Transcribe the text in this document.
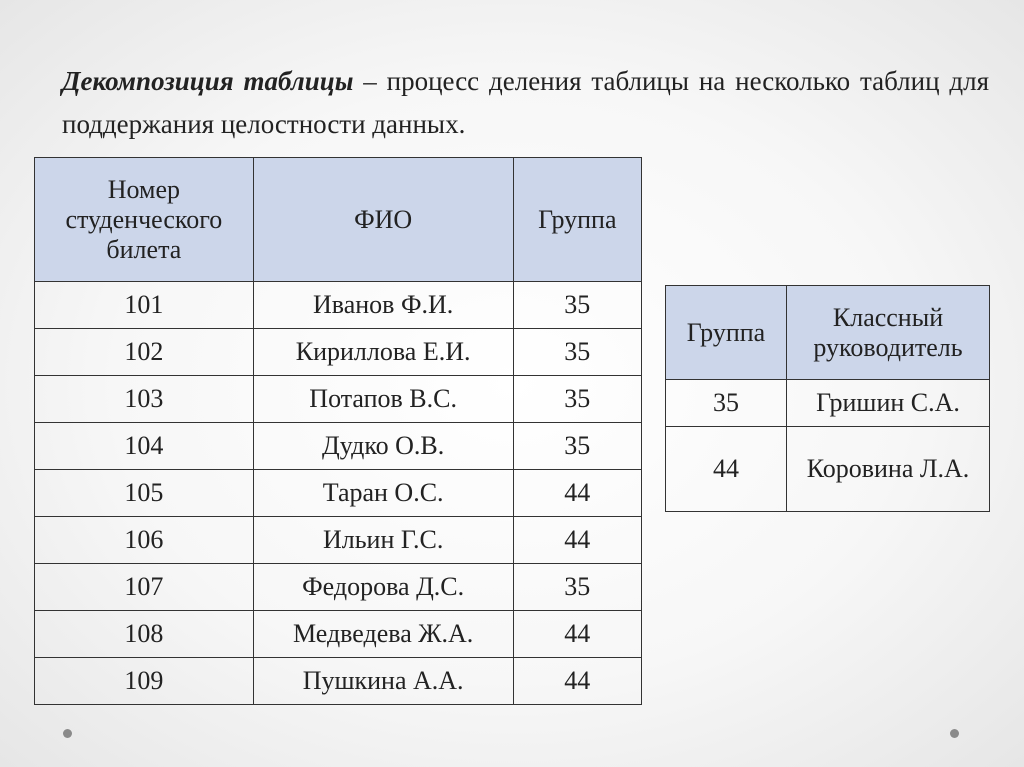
Декомпозиция таблицы – процесс деления таблицы на несколько таблиц для поддержания целостности данных.
Номер студенческого билета	ФИО	Группа
101	Иванов Ф.И.	35
102	Кириллова Е.И.	35
103	Потапов В.С.	35
104	Дудко О.В.	35
105	Таран О.С.	44
106	Ильин Г.С.	44
107	Федорова Д.С.	35
108	Медведева Ж.А.	44
109	Пушкина А.А.	44
Группа	Классный руководитель
35	Гришин С.А.
44	Коровина Л.А.
